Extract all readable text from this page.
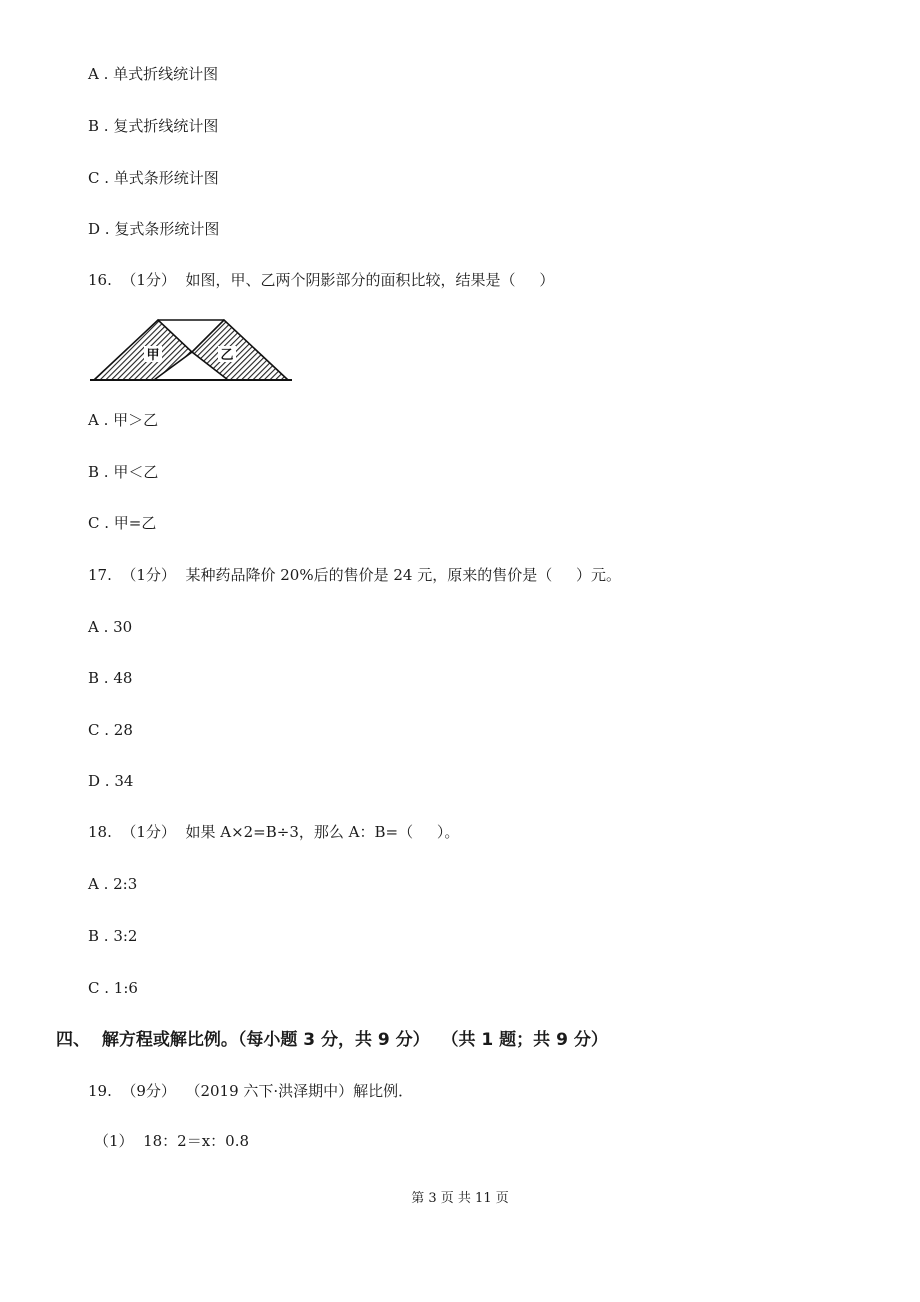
A . 单式折线统计图
B . 复式折线统计图
C . 单式条形统计图
D . 复式条形统计图
16.  （1分）  如图，甲、乙两个阴影部分的面积比较，结果是（     ）
甲	乙
A . 甲＞乙
B . 甲＜乙
C . 甲=乙
17.  （1分）  某种药品降价 20%后的售价是 24 元，原来的售价是（     ）元。
A . 30
B . 48
C . 28
D . 34
18.  （1分）  如果 A×2=B÷3，那么 A：B=（     ）。
A . 2:3
B . 3:2
C . 1:6
四、  解方程或解比例。（每小题 3 分，共 9 分）  （共 1 题；共 9 分）
19.  （9分）  （2019 六下·洪泽期中）解比例．
（1）  18：2＝x：0.8
第 3 页 共 11 页
